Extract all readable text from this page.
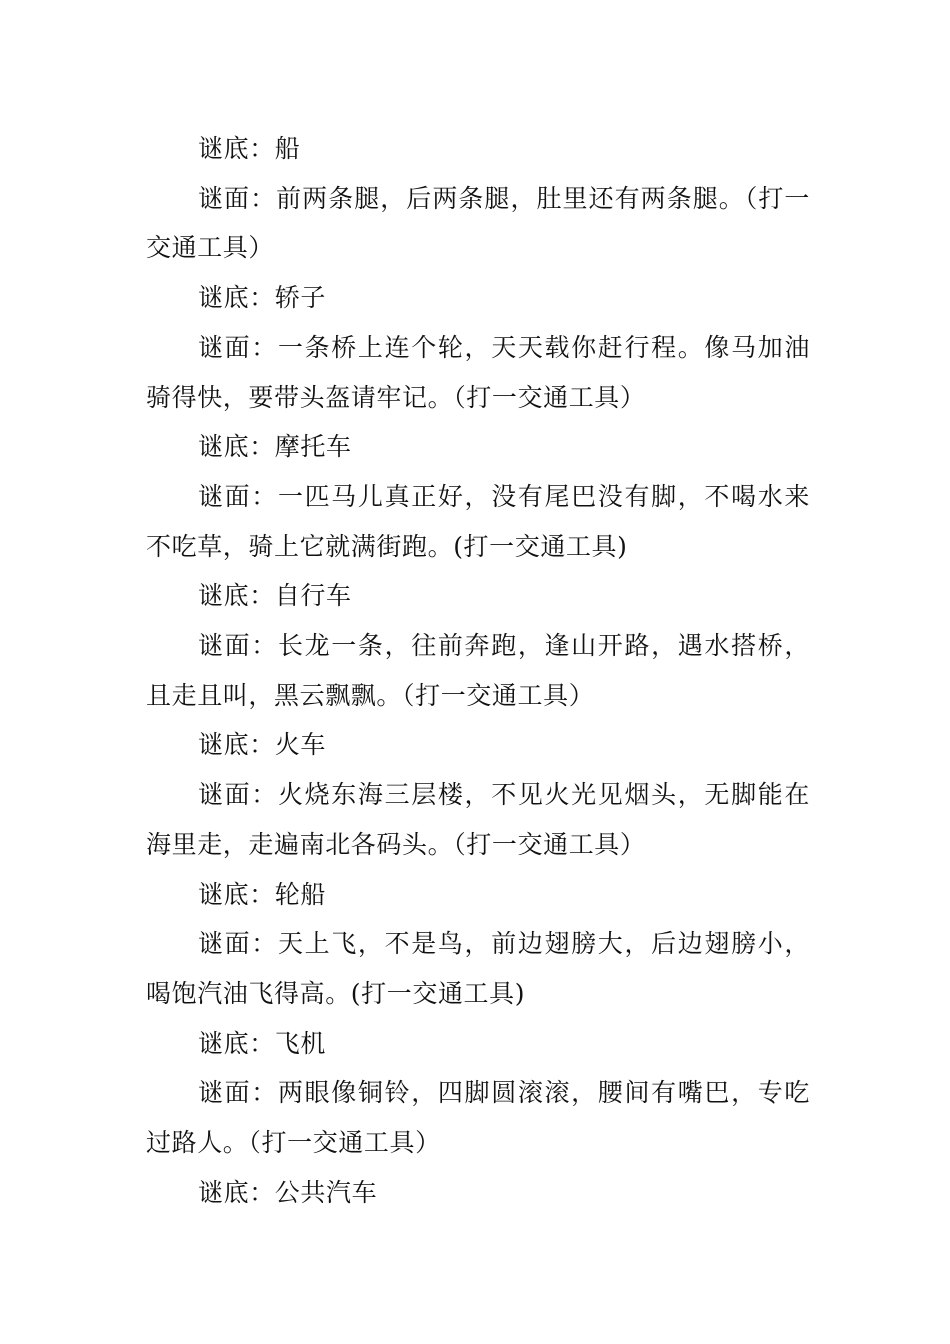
谜底：船

谜面：前两条腿，后两条腿，肚里还有两条腿。（打一交通工具）

谜底：轿子

谜面：一条桥上连个轮，天天载你赶行程。像马加油骑得快，要带头盔请牢记。（打一交通工具）

谜底：摩托车

谜面：一匹马儿真正好，没有尾巴没有脚，不喝水来不吃草，骑上它就满街跑。(打一交通工具)

谜底：自行车

谜面：长龙一条，往前奔跑，逢山开路，遇水搭桥，且走且叫，黑云飘飘。（打一交通工具）

谜底：火车

谜面：火烧东海三层楼，不见火光见烟头，无脚能在海里走，走遍南北各码头。（打一交通工具）

谜底：轮船

谜面：天上飞，不是鸟，前边翅膀大，后边翅膀小，喝饱汽油飞得高。(打一交通工具)

谜底：飞机

谜面：两眼像铜铃，四脚圆滚滚，腰间有嘴巴，专吃过路人。（打一交通工具）

谜底：公共汽车
